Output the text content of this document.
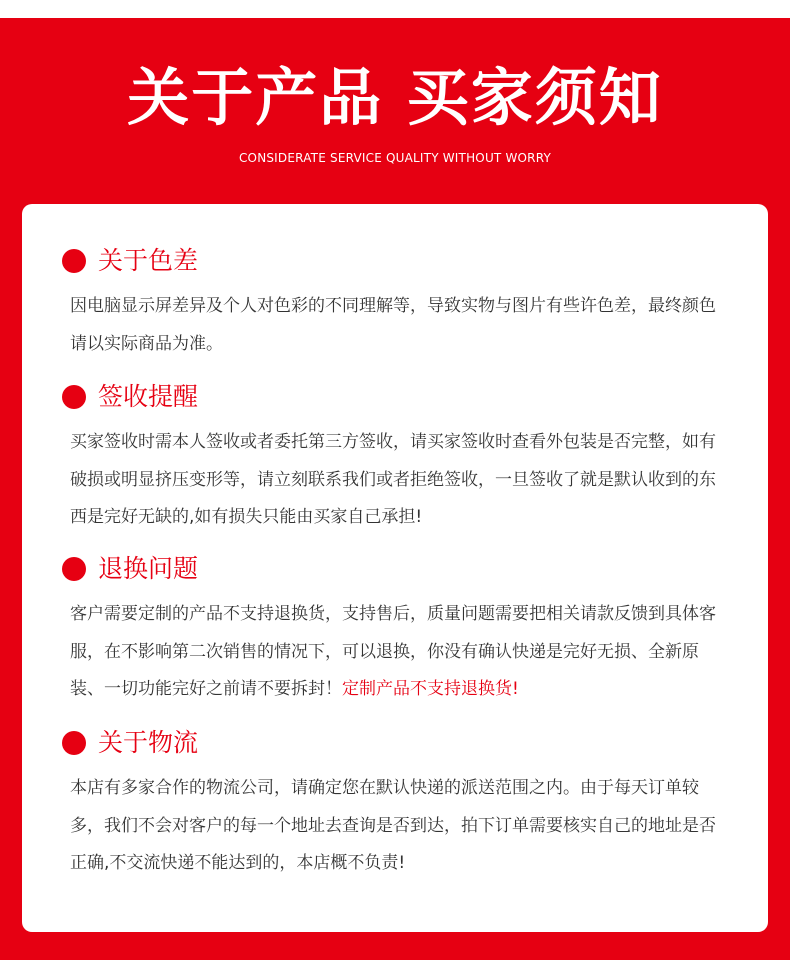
关于产品 买家须知
CONSIDERATE SERVICE QUALITY WITHOUT WORRY
关于色差
因电脑显示屏差异及个人对色彩的不同理解等，导致实物与图片有些许色差，最终颜色请以实际商品为准。
签收提醒
买家签收时需本人签收或者委托第三方签收，请买家签收时查看外包装是否完整，如有破损或明显挤压变形等，请立刻联系我们或者拒绝签收，一旦签收了就是默认收到的东西是完好无缺的,如有损失只能由买家自己承担!
退换问题
客户需要定制的产品不支持退换货，支持售后，质量问题需要把相关请款反馈到具体客服，在不影响第二次销售的情况下，可以退换，你没有确认快递是完好无损、全新原装、一切功能完好之前请不要拆封！定制产品不支持退换货!
关于物流
本店有多家合作的物流公司，请确定您在默认快递的派送范围之内。由于每天订单较多，我们不会对客户的每一个地址去查询是否到达，拍下订单需要核实自己的地址是否正确,不交流快递不能达到的，本店概不负责!
